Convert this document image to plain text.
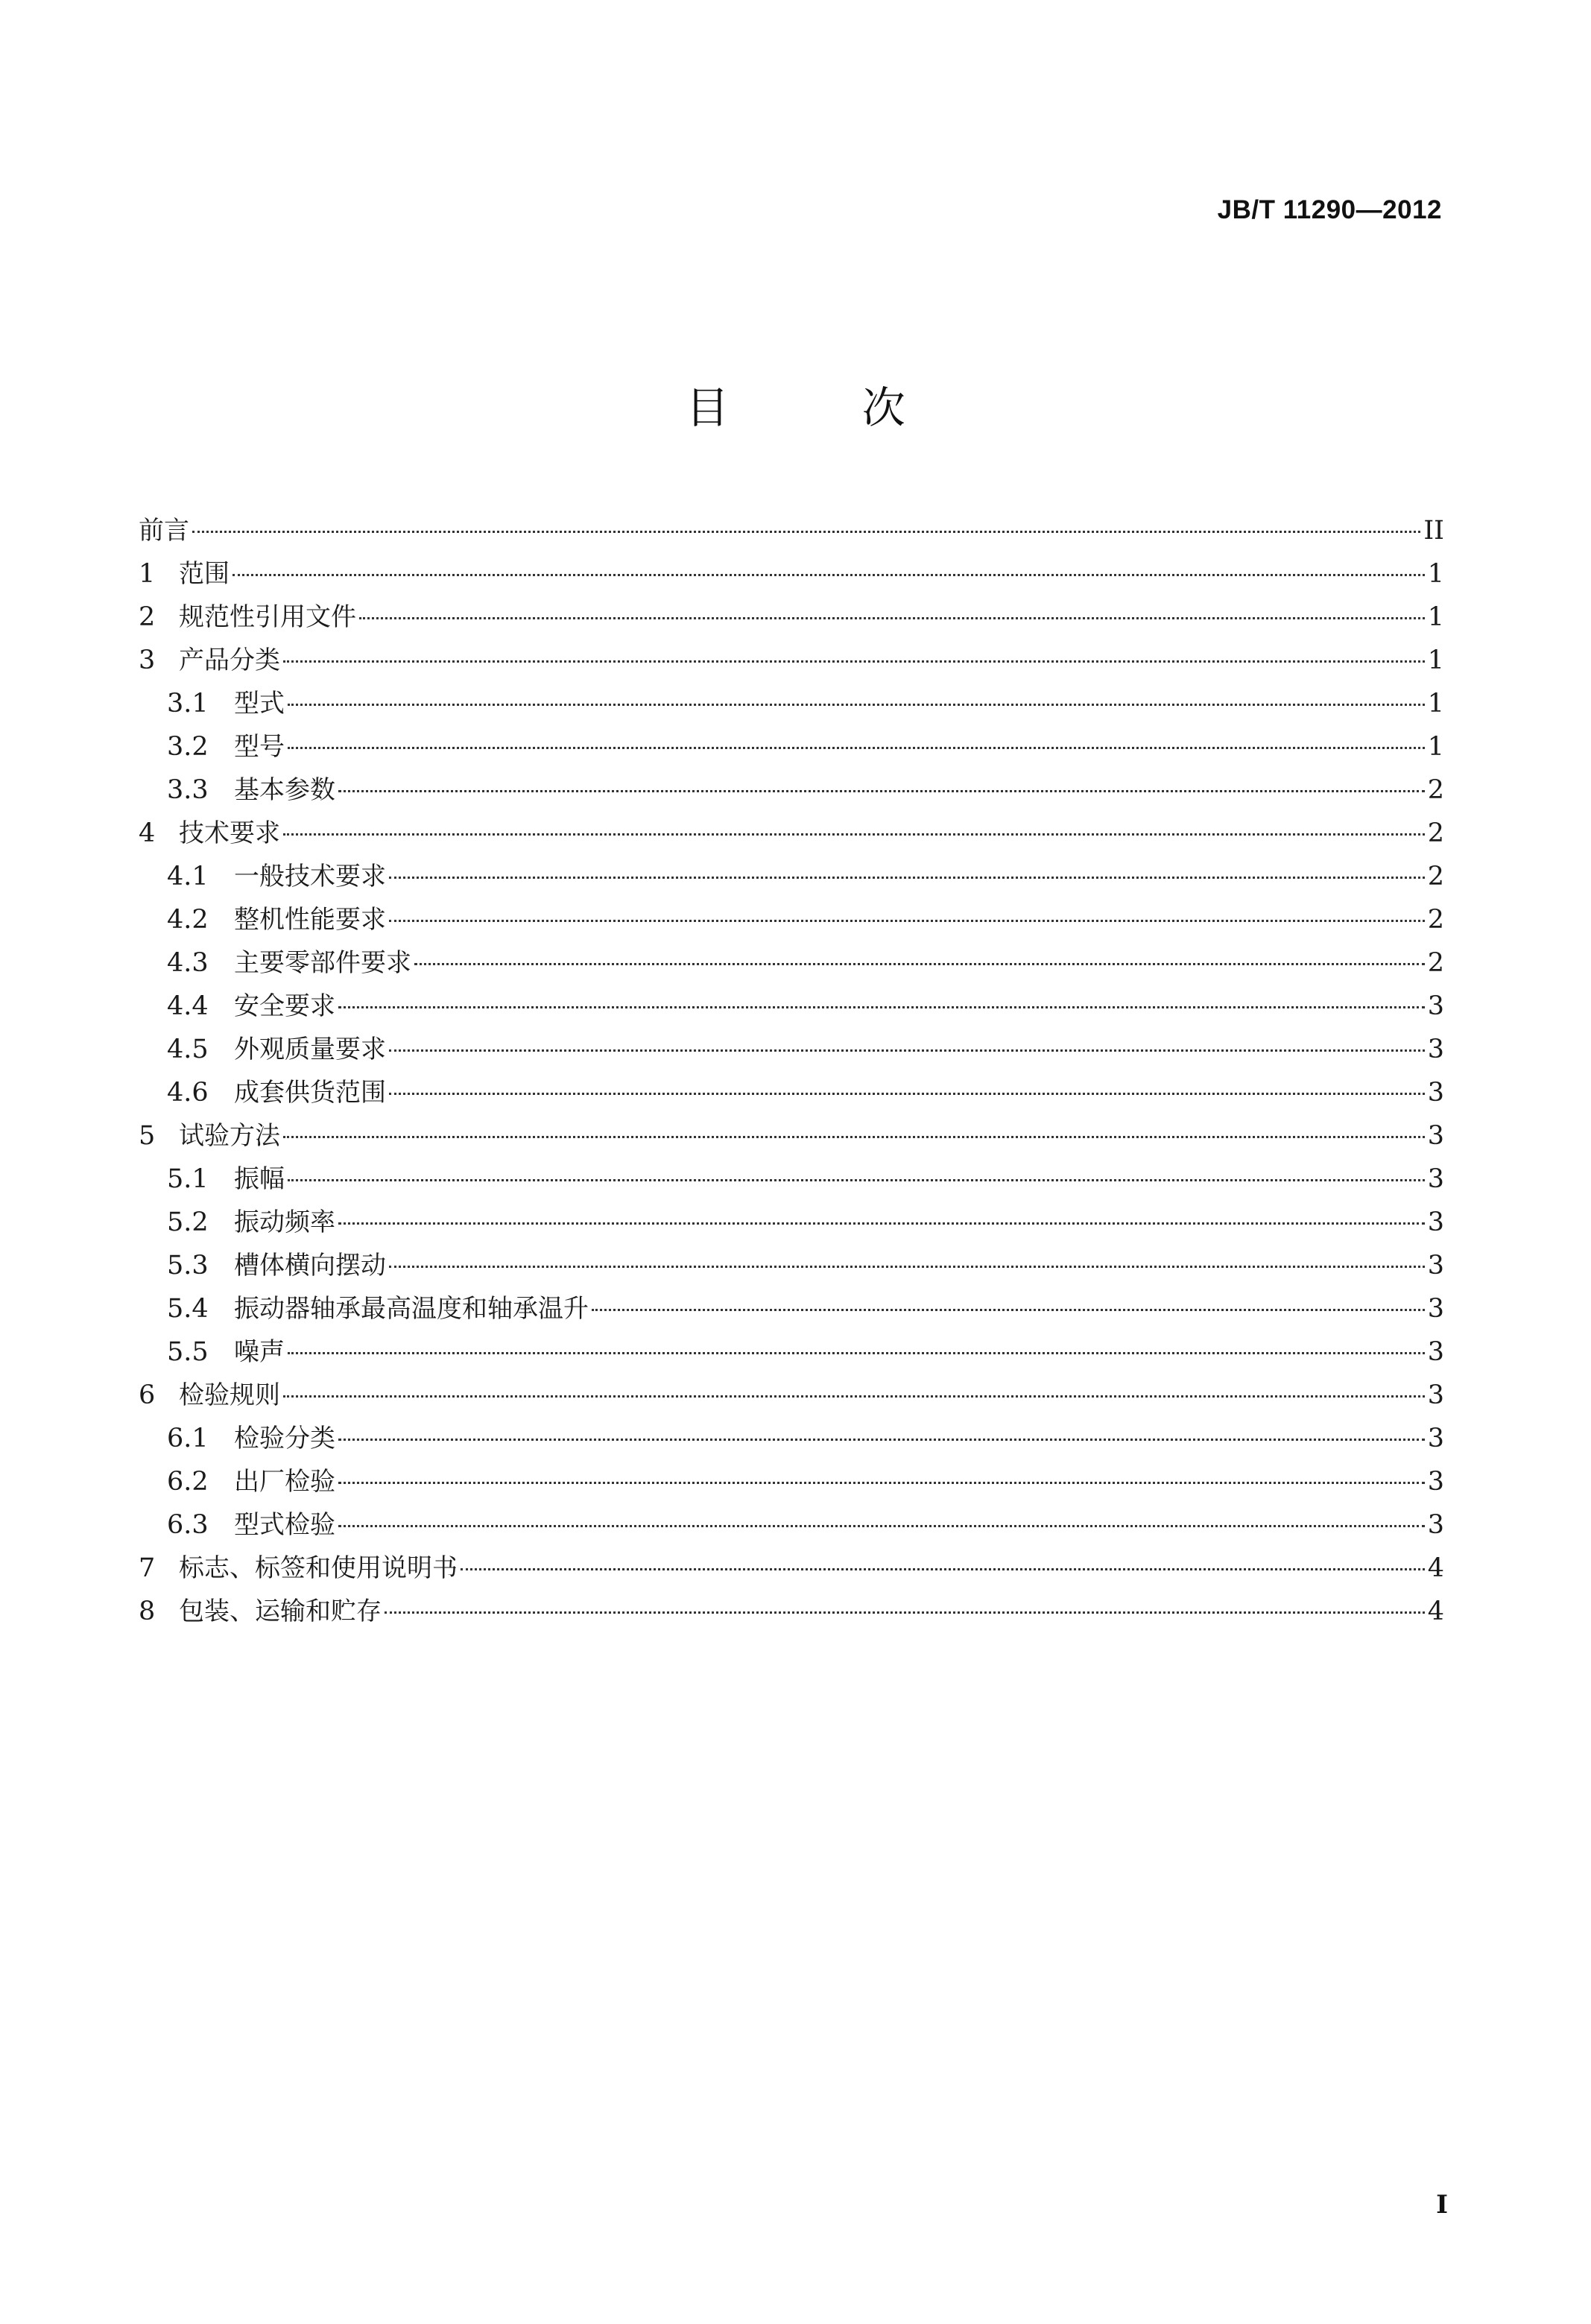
JB/T 11290—2012
目 次
前言	II
1 范围	1
2 规范性引用文件	1
3 产品分类	1
3.1	型式	1
3.2	型号	1
3.3	基本参数	2
4 技术要求	2
4.1	一般技术要求	2
4.2	整机性能要求	2
4.3	主要零部件要求	2
4.4	安全要求	3
4.5	外观质量要求	3
4.6	成套供货范围	3
5 试验方法	3
5.1	振幅	3
5.2	振动频率	3
5.3	槽体横向摆动	3
5.4	振动器轴承最高温度和轴承温升	3
5.5	噪声	3
6 检验规则	3
6.1	检验分类	3
6.2	出厂检验	3
6.3	型式检验	3
7 标志、标签和使用说明书	4
8 包装、运输和贮存	4
I
